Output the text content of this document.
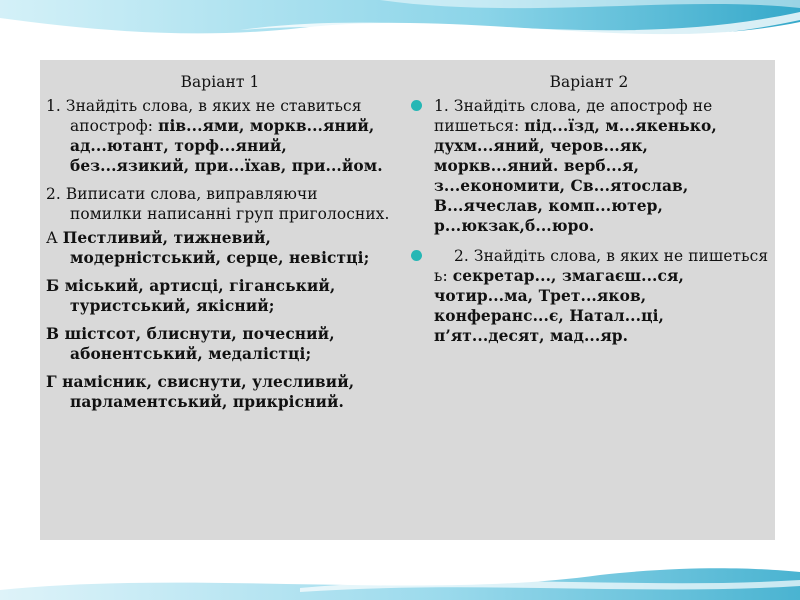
Варіант 1
1. Знайдіть слова, в яких не ставиться апостроф: пів...ями, моркв...яний, ад...ютант, торф...яний, без...язикий, при...їхав, при...йом.
2. Виписати слова, виправляючи помилки написанні груп приголосних.
А Пестливий, тижневий, модерністський, серце, невістці;
Б міський, артисці, гіганський, туристський, якісний;
В шістсот, блиснути, почесний, абонентський, медалістці;
Г намісник, свиснути, улесливий, парламентський, прикрісний.
Варіант 2
1. Знайдіть слова, де апостроф не пишеться: під...їзд, м...якенько, духм...яний, черов...як, моркв...яний. верб...я, з...економити, Св...ятослав, В...ячеслав, комп...ютер, р...юкзак,б...юро.
2. Знайдіть слова, в яких не пишеться ь: секретар..., змагаєш...ся, чотир...ма, Трет...яков, конферанс...є, Натал...ці, п’ят...десят, мад...яр.
